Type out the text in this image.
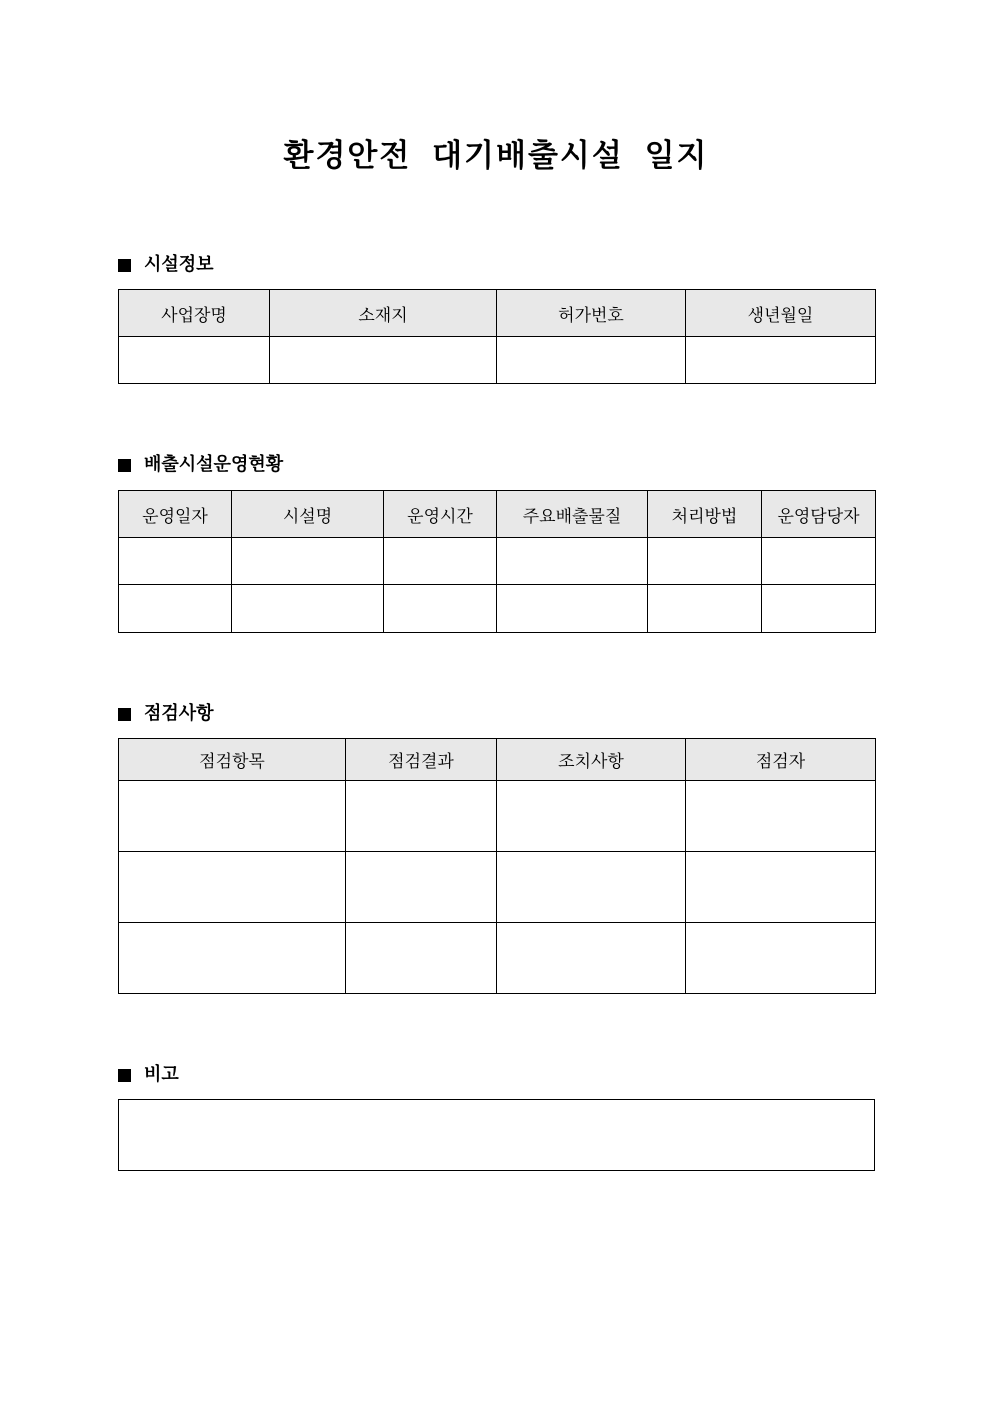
환경안전 대기배출시설 일지
시설정보
사업장명	소재지	허가번호	생년월일

배출시설운영현황
운영일자	시설명	운영시간	주요배출물질	처리방법	운영담당자

점검사항
점검항목	점검결과	조치사항	점검자

비고
